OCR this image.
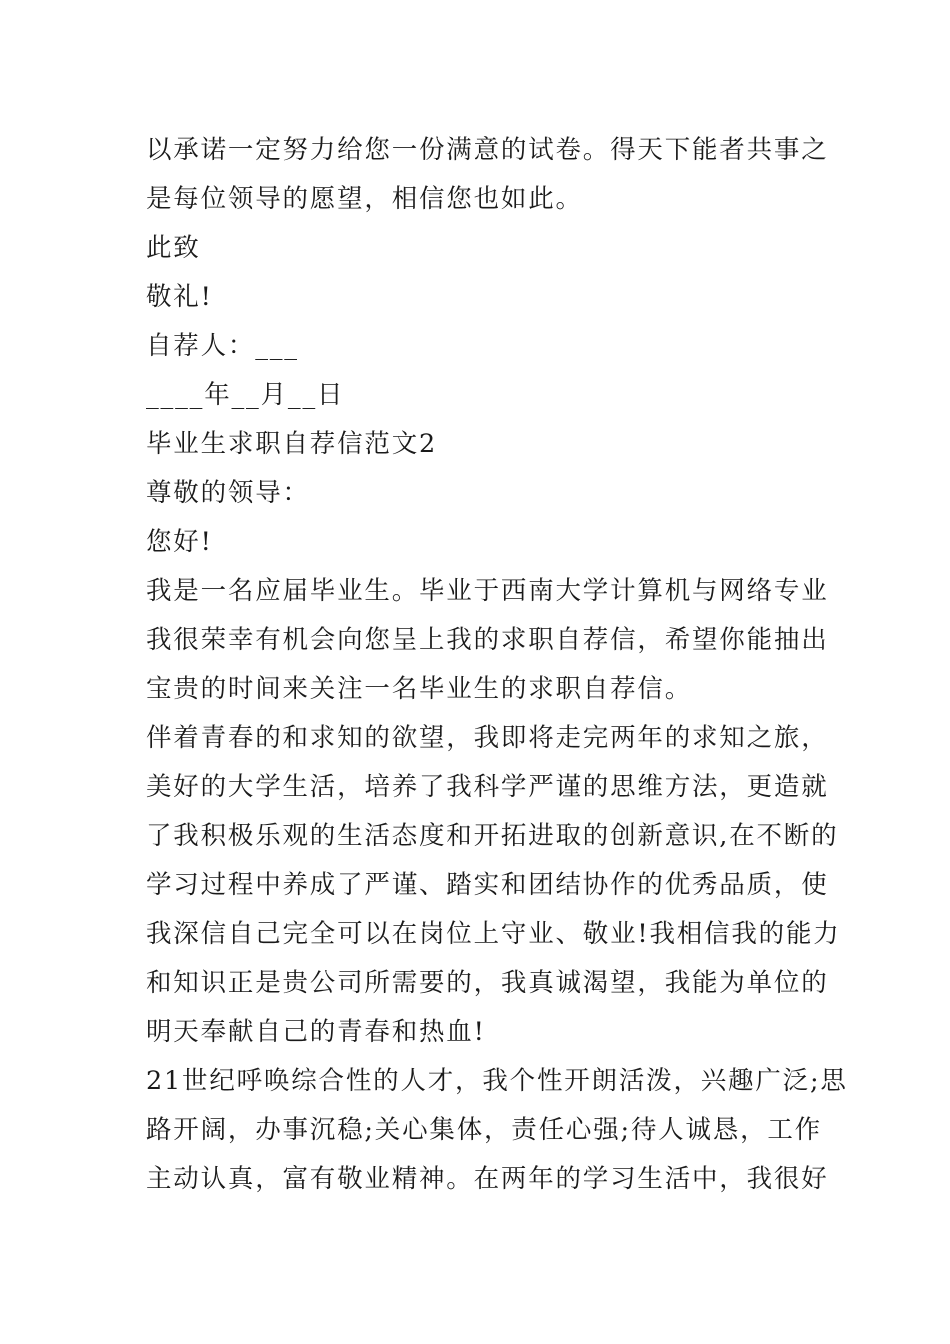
以承诺一定努力给您一份满意的试卷。得天下能者共事之
是每位领导的愿望，相信您也如此。
此致
敬礼!
自荐人：___
____年__月__日
毕业生求职自荐信范文2
尊敬的领导：
您好!
我是一名应届毕业生。毕业于西南大学计算机与网络专业
我很荣幸有机会向您呈上我的求职自荐信，希望你能抽出
宝贵的时间来关注一名毕业生的求职自荐信。
伴着青春的和求知的欲望，我即将走完两年的求知之旅，
美好的大学生活，培养了我科学严谨的思维方法，更造就
了我积极乐观的生活态度和开拓进取的创新意识,在不断的
学习过程中养成了严谨、踏实和团结协作的优秀品质，使
我深信自己完全可以在岗位上守业、敬业!我相信我的能力
和知识正是贵公司所需要的，我真诚渴望，我能为单位的
明天奉献自己的青春和热血!
21世纪呼唤综合性的人才，我个性开朗活泼，兴趣广泛;思
路开阔，办事沉稳;关心集体，责任心强;待人诚恳，工作
主动认真，富有敬业精神。在两年的学习生活中，我很好
